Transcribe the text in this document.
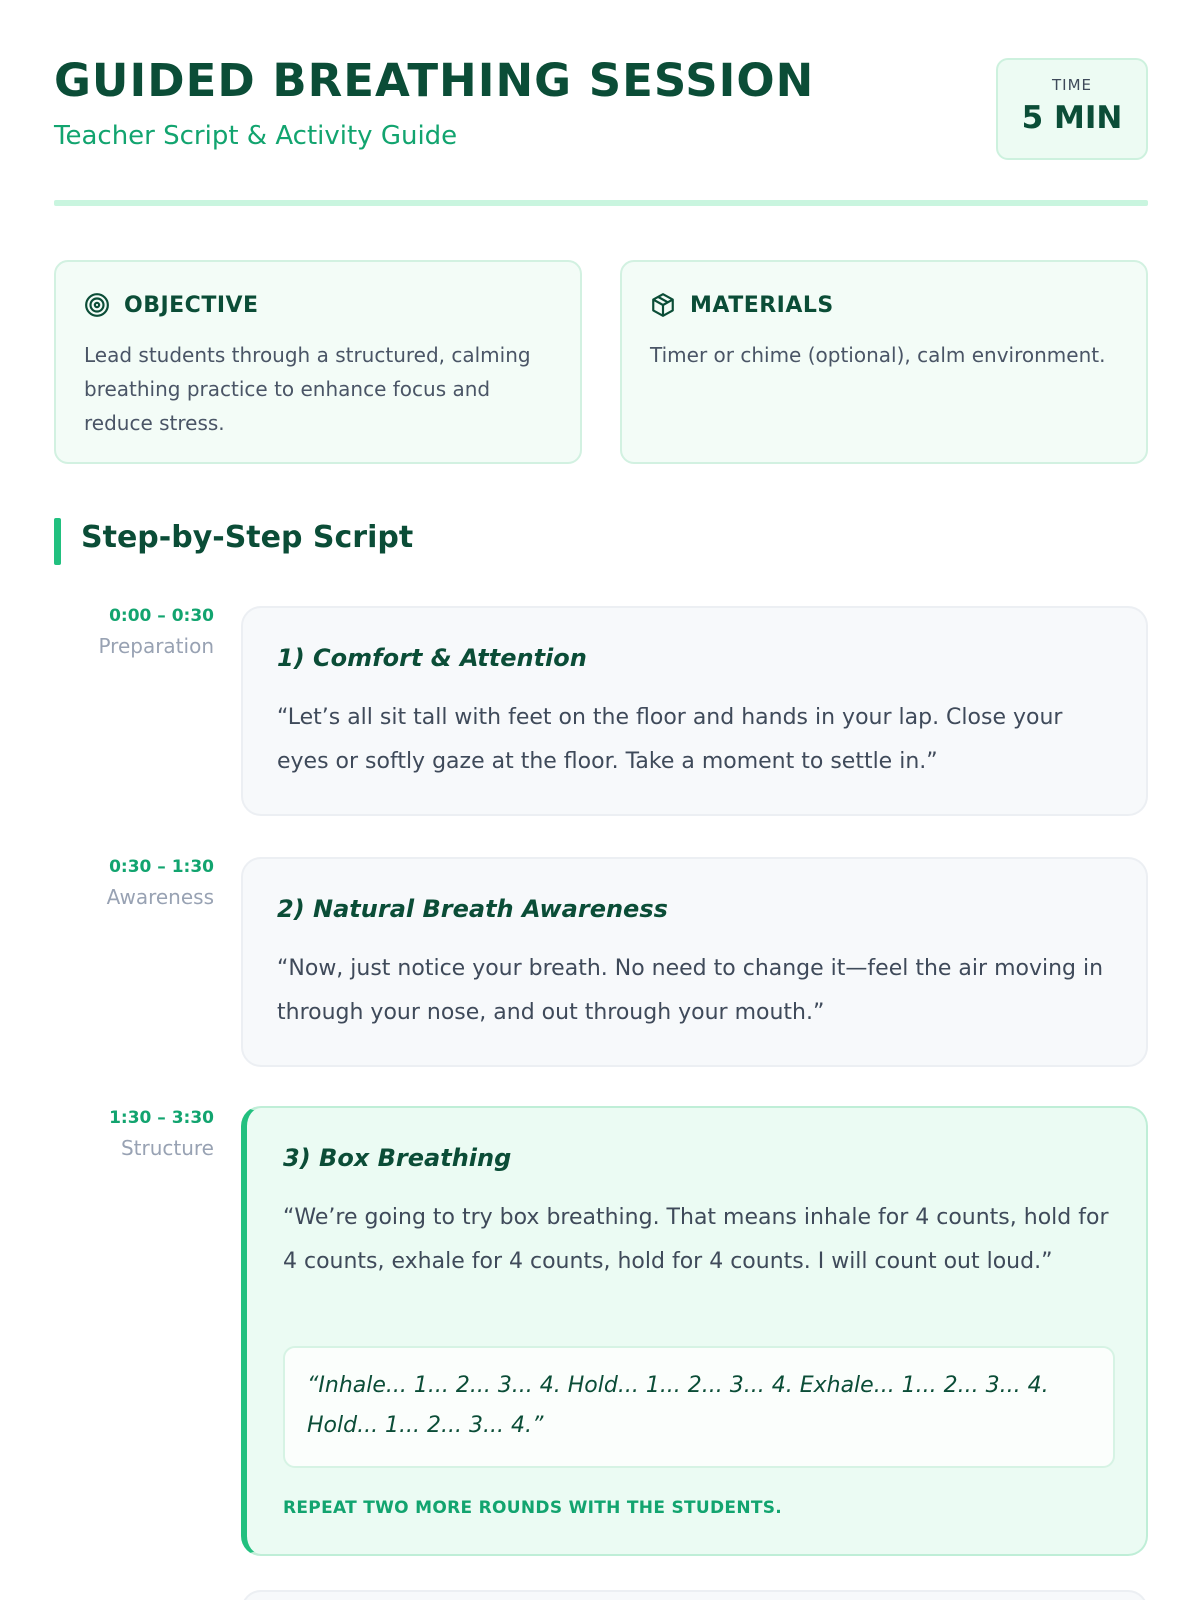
GUIDED BREATHING SESSION
Teacher Script & Activity Guide
TIME
5 MIN
OBJECTIVE
Lead students through a structured, calming breathing practice to enhance focus and reduce stress.
MATERIALS
Timer or chime (optional), calm environment.
Step-by-Step Script
0:00 – 0:30
Preparation	1) Comfort & Attention
“Let’s all sit tall with feet on the floor and hands in your lap. Close your eyes or softly gaze at the floor. Take a moment to settle in.”
0:30 – 1:30
Awareness	2) Natural Breath Awareness
“Now, just notice your breath. No need to change it—feel the air moving in through your nose, and out through your mouth.”
1:30 – 3:30
Structure	3) Box Breathing
“We’re going to try box breathing. That means inhale for 4 counts, hold for 4 counts, exhale for 4 counts, hold for 4 counts. I will count out loud.”
“Inhale... 1... 2... 3... 4. Hold... 1... 2... 3... 4. Exhale... 1... 2... 3... 4. Hold... 1... 2... 3... 4.”
REPEAT TWO MORE ROUNDS WITH THE STUDENTS.
